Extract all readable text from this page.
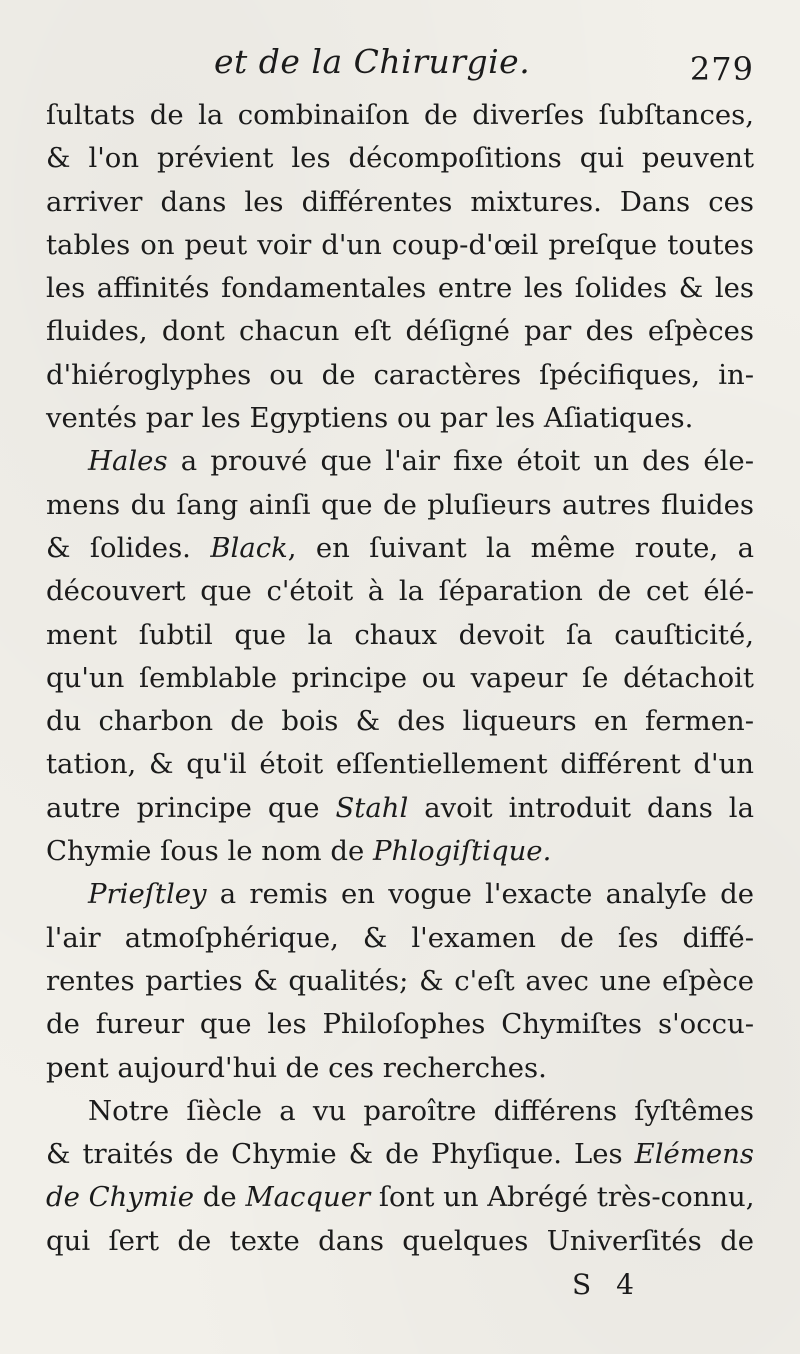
et de la Chirurgie.	279
ſultats de la combinaiſon de diverſes ſubſtances,
& l'on prévient les décompoſitions qui peuvent
arriver dans les différentes mixtures. Dans ces
tables on peut voir d'un coup-d'œil preſque toutes
les affinités fondamentales entre les ſolides & les
fluides, dont chacun eſt déſigné par des eſpèces
d'hiéroglyphes ou de caractères ſpécifiques, in-
ventés par les Egyptiens ou par les Aſiatiques.
Hales a prouvé que l'air fixe étoit un des éle-
mens du ſang ainſi que de pluſieurs autres fluides
& ſolides. Black, en ſuivant la même route, a
découvert que c'étoit à la ſéparation de cet élé-
ment ſubtil que la chaux devoit ſa cauſticité,
qu'un ſemblable principe ou vapeur ſe détachoit
du charbon de bois & des liqueurs en fermen-
tation, & qu'il étoit eſſentiellement différent d'un
autre principe que Stahl avoit introduit dans la
Chymie ſous le nom de Phlogiſtique.
Prieſtley a remis en vogue l'exacte analyſe de
l'air atmoſphérique, & l'examen de ſes diffé-
rentes parties & qualités; & c'eſt avec une eſpèce
de fureur que les Philoſophes Chymiſtes s'occu-
pent aujourd'hui de ces recherches.
Notre ſiècle a vu paroître différens ſyſtêmes
& traités de Chymie & de Phyſique. Les Elémens
de Chymie de Macquer ſont un Abrégé très-connu,
qui ſert de texte dans quelques Univerſités de
S 4
